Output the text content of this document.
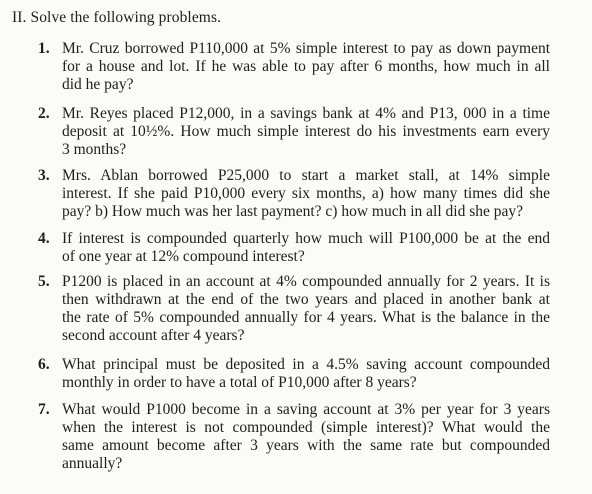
II. Solve the following problems.
1. Mr. Cruz borrowed P110,000 at 5% simple interest to pay as down payment
for a house and lot. If he was able to pay after 6 months, how much in all
did he pay?
2. Mr. Reyes placed P12,000, in a savings bank at 4% and P13, 000 in a time
deposit at 10½%. How much simple interest do his investments earn every
3 months?
3. Mrs. Ablan borrowed P25,000 to start a market stall, at 14% simple
interest. If she paid P10,000 every six months, a) how many times did she
pay? b) How much was her last payment? c) how much in all did she pay?
4. If interest is compounded quarterly how much will P100,000 be at the end
of one year at 12% compound interest?
5. P1200 is placed in an account at 4% compounded annually for 2 years. It is
then withdrawn at the end of the two years and placed in another bank at
the rate of 5% compounded annually for 4 years. What is the balance in the
second account after 4 years?
6. What principal must be deposited in a 4.5% saving account compounded
monthly in order to have a total of P10,000 after 8 years?
7. What would P1000 become in a saving account at 3% per year for 3 years
when the interest is not compounded (simple interest)? What would the
same amount become after 3 years with the same rate but compounded
annually?
